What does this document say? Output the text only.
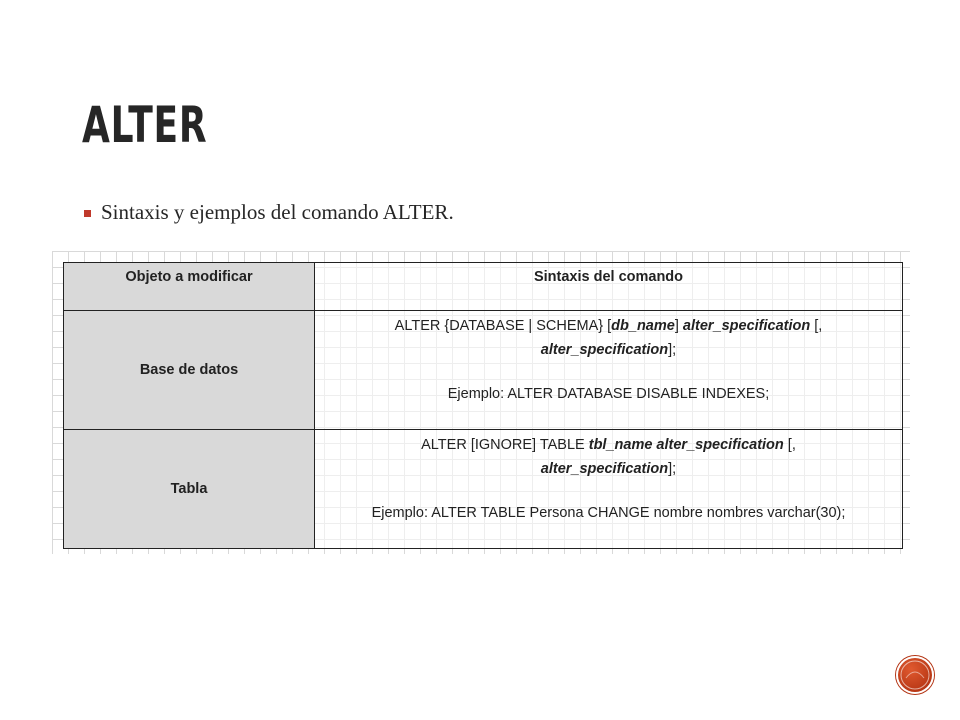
ALTER
Sintaxis y ejemplos del comando ALTER.
Objeto a modificar	Sintaxis del comando
Base de datos	ALTER {DATABASE | SCHEMA} [db_name] alter_specification [,
alter_specification];
Ejemplo: ALTER DATABASE DISABLE INDEXES;

Tabla	ALTER [IGNORE] TABLE tbl_name alter_specification [,
alter_specification];
Ejemplo: ALTER TABLE Persona CHANGE nombre nombres varchar(30);
